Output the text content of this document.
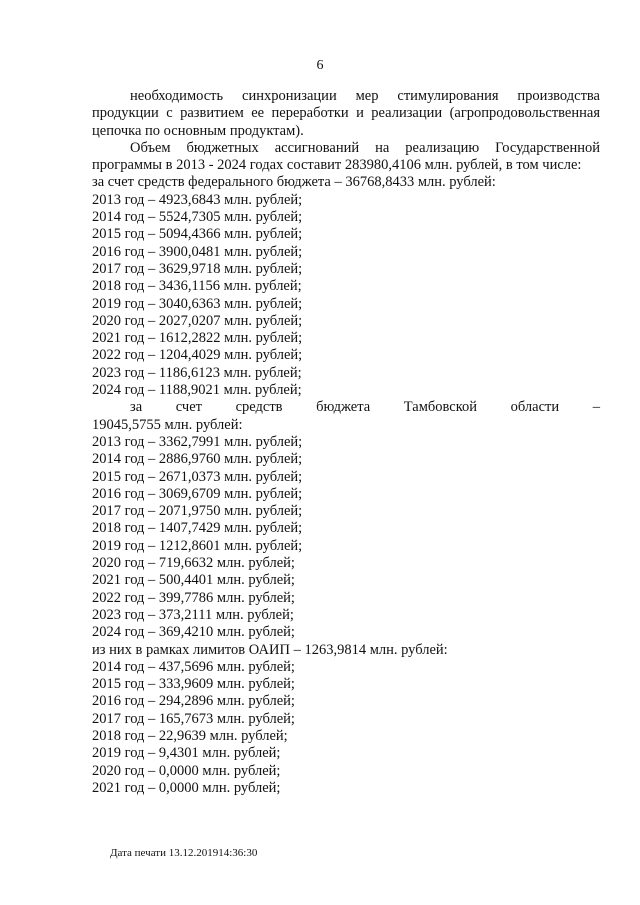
6

необходимость синхронизации мер стимулирования производства продукции с развитием ее переработки и реализации (агропродовольственная цепочка по основным продуктам).

Объем бюджетных ассигнований на реализацию Государственной программы в 2013 - 2024 годах составит 283980,4106 млн. рублей, в том числе:

за счет средств федерального бюджета – 36768,8433 млн. рублей:

2013 год – 4923,6843 млн. рублей;

2014 год – 5524,7305 млн. рублей;

2015 год – 5094,4366 млн. рублей;

2016 год – 3900,0481 млн. рублей;

2017 год – 3629,9718 млн. рублей;

2018 год – 3436,1156 млн. рублей;

2019 год – 3040,6363 млн. рублей;

2020 год – 2027,0207 млн. рублей;

2021 год – 1612,2822 млн. рублей;

2022 год – 1204,4029 млн. рублей;

2023 год – 1186,6123 млн. рублей;

2024 год – 1188,9021 млн. рублей;

за счет средств бюджета Тамбовской области –

19045,5755 млн. рублей:

2013 год – 3362,7991 млн. рублей;

2014 год – 2886,9760 млн. рублей;

2015 год – 2671,0373 млн. рублей;

2016 год – 3069,6709 млн. рублей;

2017 год – 2071,9750 млн. рублей;

2018 год – 1407,7429 млн. рублей;

2019 год – 1212,8601 млн. рублей;

2020 год – 719,6632 млн. рублей;

2021 год – 500,4401 млн. рублей;

2022 год – 399,7786 млн. рублей;

2023 год – 373,2111 млн. рублей;

2024 год – 369,4210 млн. рублей;

из них в рамках лимитов ОАИП – 1263,9814 млн. рублей:

2014 год – 437,5696 млн. рублей;

2015 год – 333,9609 млн. рублей;

2016 год – 294,2896 млн. рублей;

2017 год – 165,7673 млн. рублей;

2018 год – 22,9639 млн. рублей;

2019 год – 9,4301 млн. рублей;

2020 год – 0,0000 млн. рублей;

2021 год – 0,0000 млн. рублей;

Дата печати 13.12.201914:36:30
